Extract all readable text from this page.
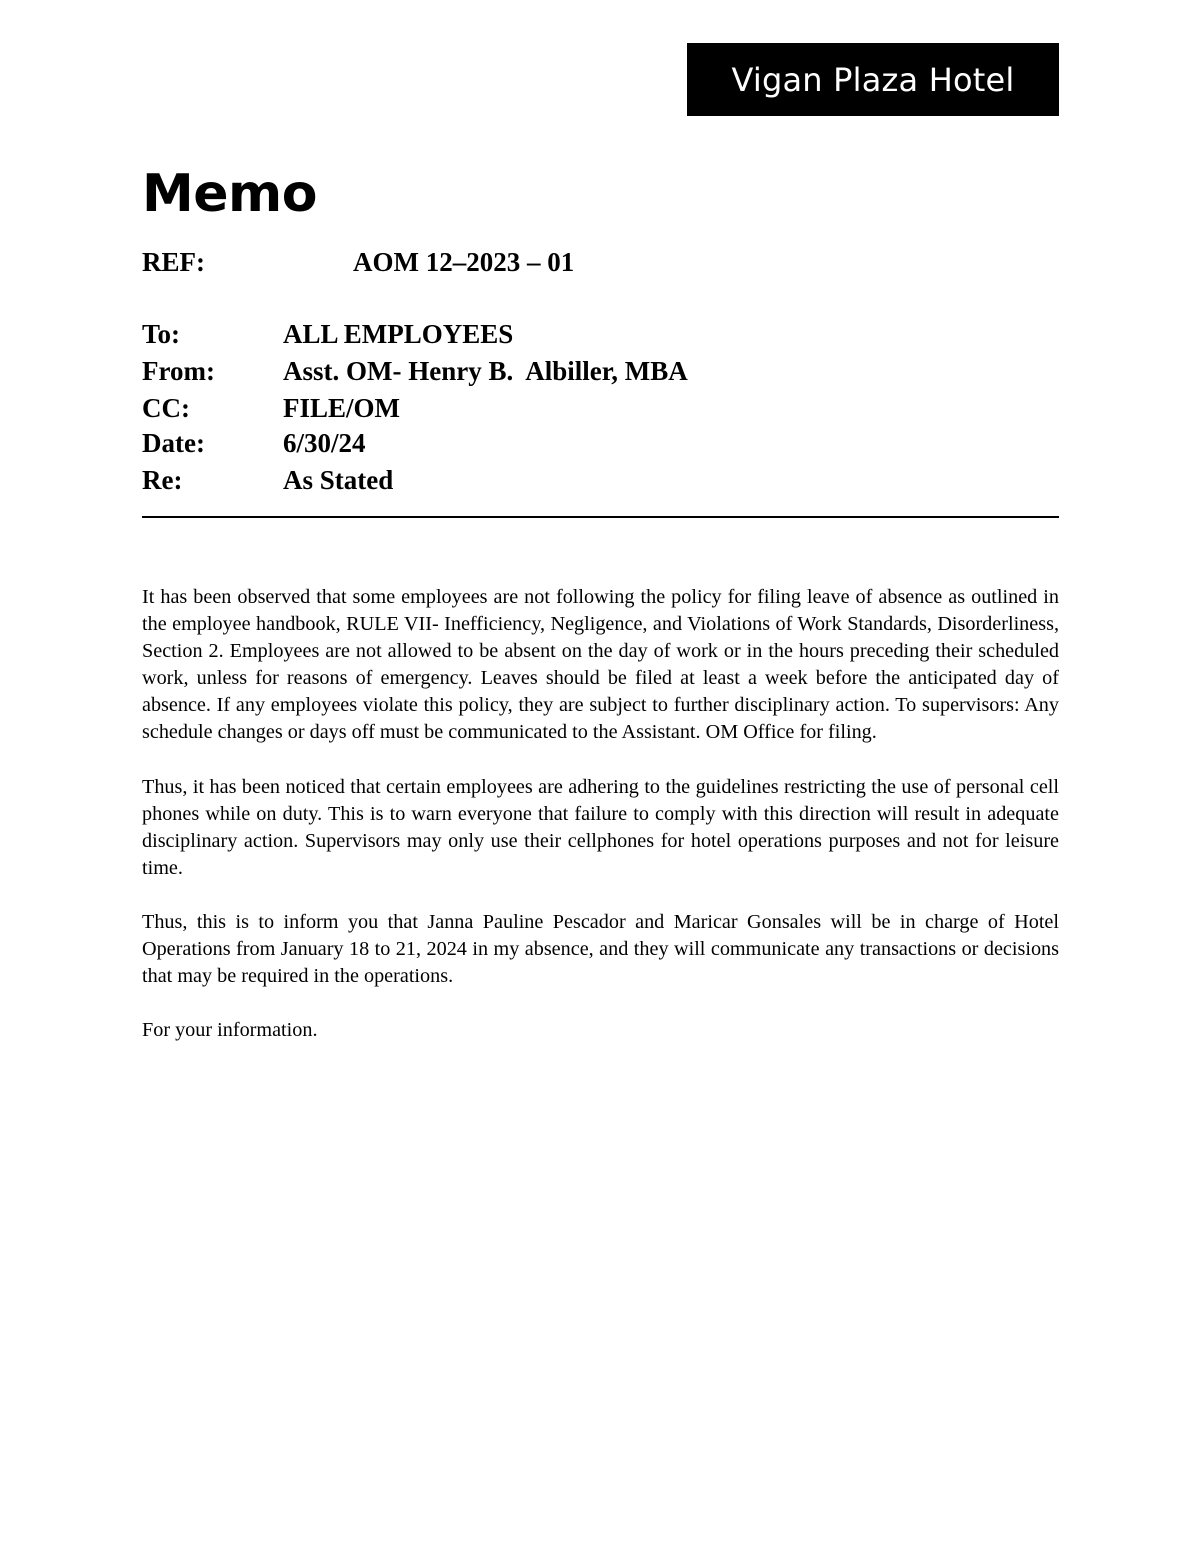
Vigan Plaza Hotel
Memo
REF:	AOM 12–2023 – 01
To:	ALL EMPLOYEES
From:	Asst. OM- Henry B.  Albiller, MBA
CC:	FILE/OM
Date:	6/30/24
Re:	As Stated

It has been observed that some employees are not following the policy for filing leave of absence as outlined in the employee handbook, RULE VII- Inefficiency, Negligence, and Violations of Work Standards, Disorderliness, Section 2. Employees are not allowed to be absent on the day of work or in the hours preceding their scheduled work, unless for reasons of emergency. Leaves should be filed at least a week before the anticipated day of absence. If any employees violate this policy, they are subject to further disciplinary action. To supervisors: Any schedule changes or days off must be communicated to the Assistant. OM Office for filing.

Thus, it has been noticed that certain employees are adhering to the guidelines restricting the use of personal cell phones while on duty. This is to warn everyone that failure to comply with this direction will result in adequate disciplinary action. Supervisors may only use their cellphones for hotel operations purposes and not for leisure time.

Thus, this is to inform you that Janna Pauline Pescador and Maricar Gonsales will be in charge of Hotel Operations from January 18 to 21, 2024 in my absence, and they will communicate any transactions or decisions that may be required in the operations.

For your information.
